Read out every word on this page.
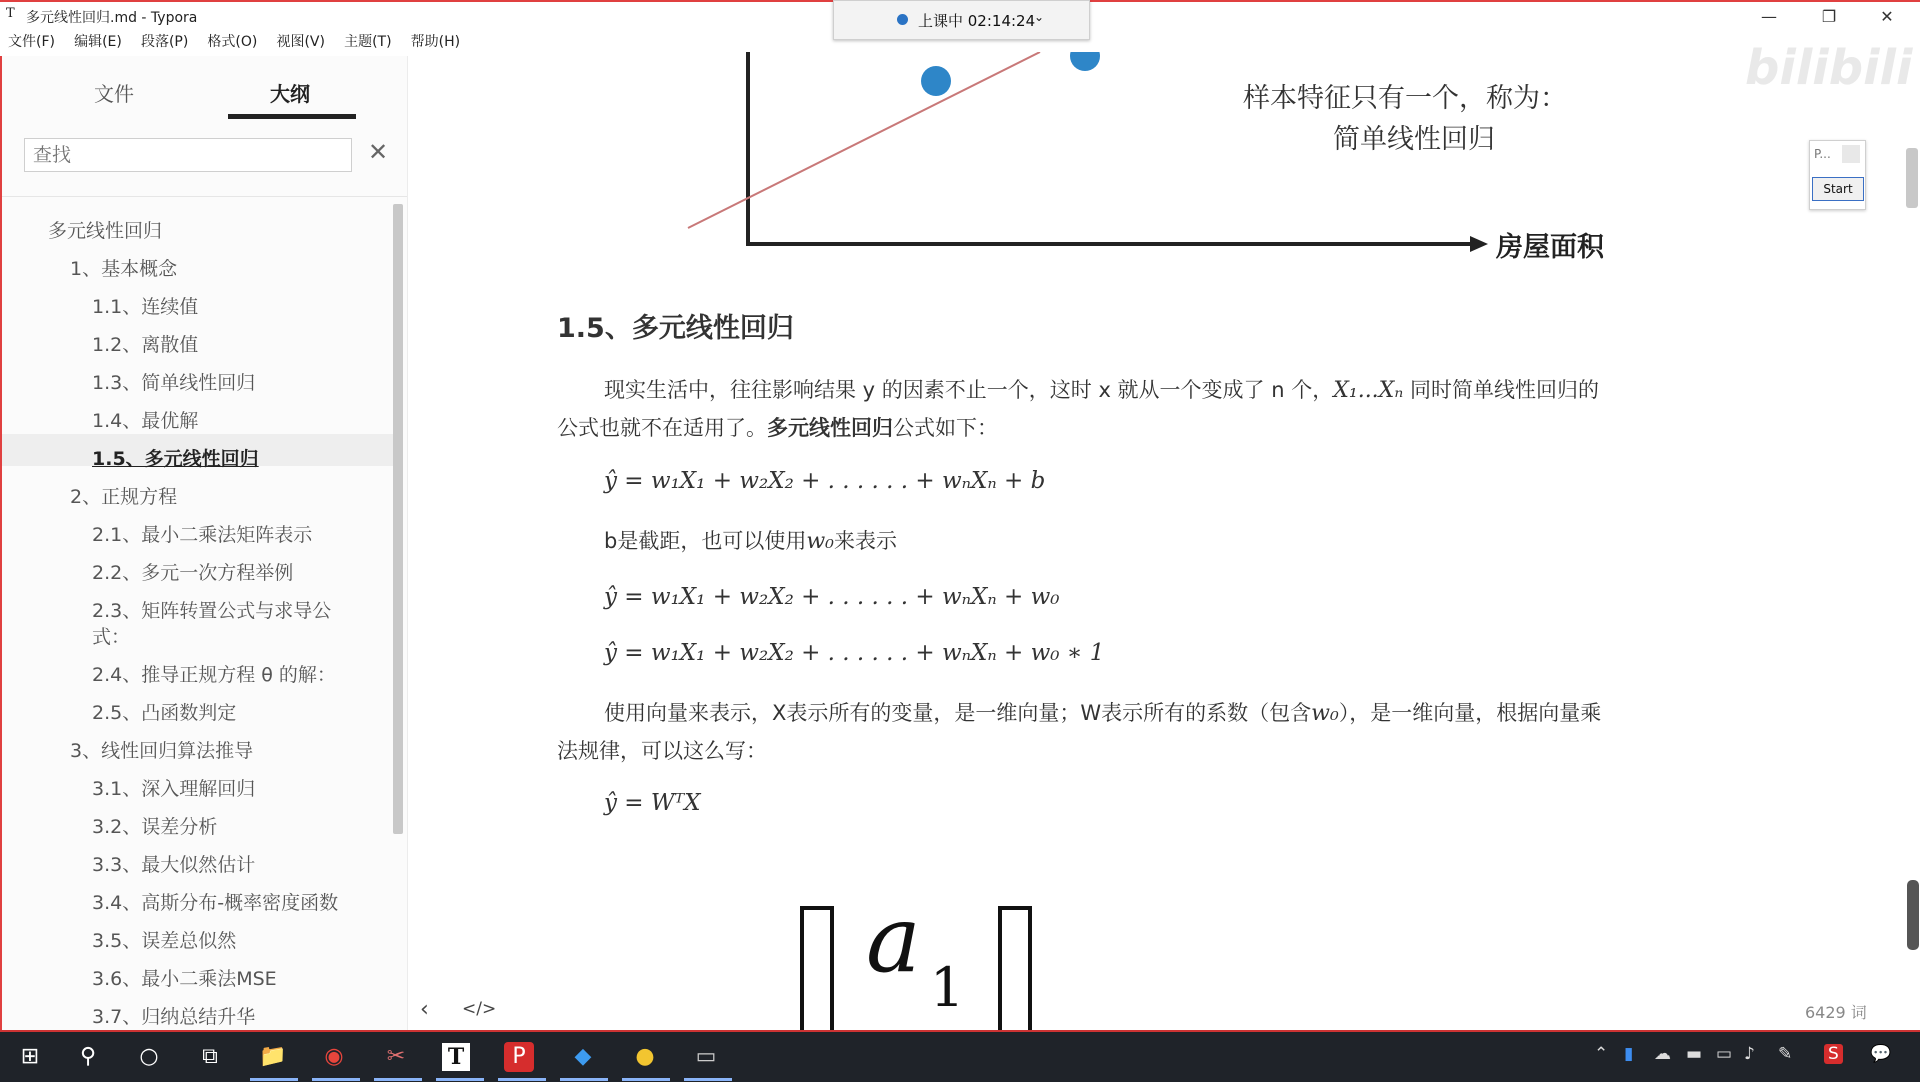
T 多元线性回归.md - Typora	—	❐	✕
文件(F) 编辑(E) 段落(P) 格式(O) 视图(V) 主题(T) 帮助(H)
上课中 02:14:24
⌄
文件	大纲
查找
✕
多元线性回归
1、基本概念
1.1、连续值
1.2、离散值
1.3、简单线性回归
1.4、最优解
1.5、多元线性回归
2、正规方程
2.1、最小二乘法矩阵表示
2.2、多元一次方程举例
2.3、矩阵转置公式与求导公
式：
2.4、推导正规方程 θ 的解：
2.5、凸函数判定
3、线性回归算法推导
3.1、深入理解回归
3.2、误差分析
3.3、最大似然估计
3.4、高斯分布-概率密度函数
3.5、误差总似然
3.6、最小二乘法MSE
3.7、归纳总结升华
bilibili
样本特征只有一个，称为：
简单线性回归
房屋面积
1.5、多元线性回归
现实生活中，往往影响结果 y 的因素不止一个，这时 x 就从一个变成了 n 个，X₁...Xₙ 同时简单线性回归的
公式也就不在适用了。多元线性回归公式如下：
ŷ = w₁X₁ + w₂X₂ + . . . . . . + wₙXₙ + b
b是截距，也可以使用w₀来表示
ŷ = w₁X₁ + w₂X₂ + . . . . . . + wₙXₙ + w₀
ŷ = w₁X₁ + w₂X₂ + . . . . . . + wₙXₙ + w₀ ∗ 1
使用向量来表示，X表示所有的变量，是一维向量；W表示所有的系数（包含w₀），是一维向量，根据向量乘
法规律，可以这么写：
ŷ = WᵀX
a 1
‹ </>	6429 词
P...
Start
⊞	⚲	○	⧉	📁	◉	✂	T	P	◆	●	▭	⌃ ▮ ☁ ▬ ▭ ♪ ✎ S 💬
